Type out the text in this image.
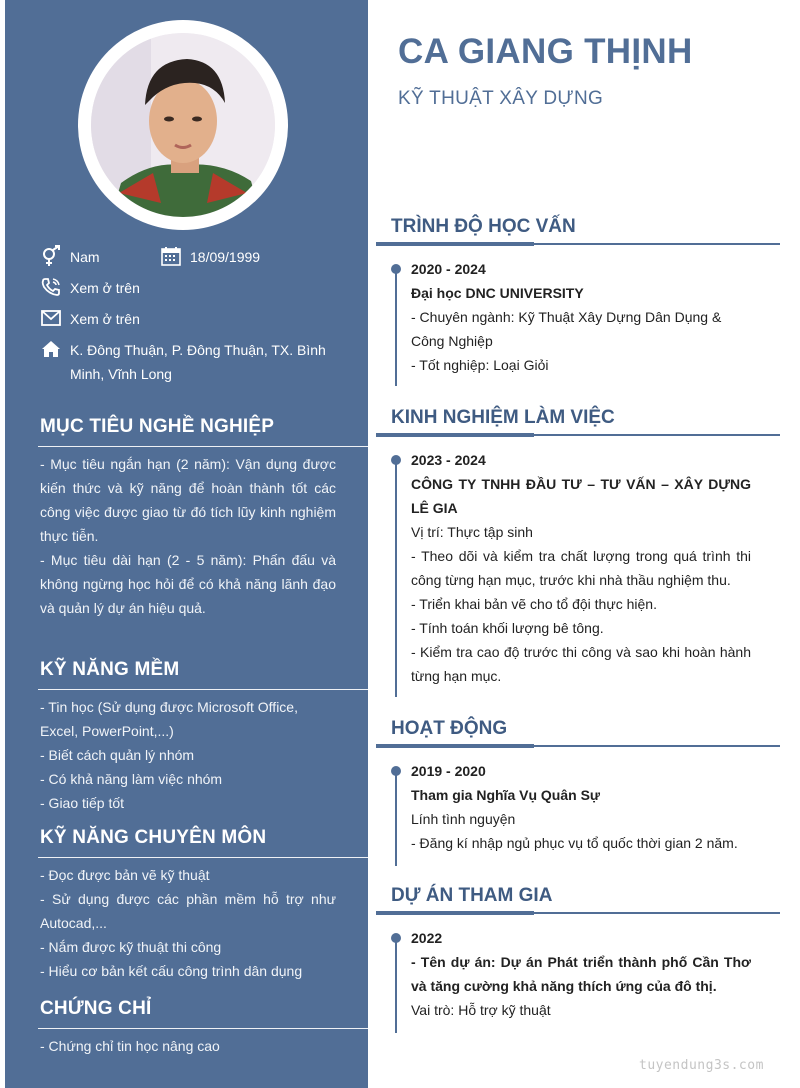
Nam	18/09/1999
Xem ở trên
Xem ở trên
K. Đông Thuận, P. Đông Thuận, TX. Bình Minh, Vĩnh Long
MỤC TIÊU NGHỀ NGHIỆP
- Mục tiêu ngắn hạn (2 năm): Vận dụng được kiến thức và kỹ năng để hoàn thành tốt các công việc được giao từ đó tích lũy kinh nghiệm thực tiễn.
- Mục tiêu dài hạn (2 - 5 năm): Phấn đấu và không ngừng học hỏi để có khả năng lãnh đạo và quản lý dự án hiệu quả.
KỸ NĂNG MỀM
- Tin học (Sử dụng được Microsoft Office, Excel, PowerPoint,...)
- Biết cách quản lý nhóm
- Có khả năng làm việc nhóm
- Giao tiếp tốt
KỸ NĂNG CHUYÊN MÔN
- Đọc được bản vẽ kỹ thuật
- Sử dụng được các phần mềm hỗ trợ như Autocad,...
- Nắm được kỹ thuật thi công
- Hiểu cơ bản kết cấu công trình dân dụng
CHỨNG CHỈ
- Chứng chỉ tin học nâng cao
CA GIANG THỊNH
KỸ THUẬT XÂY DỰNG
TRÌNH ĐỘ HỌC VẤN
2020 - 2024
Đại học DNC UNIVERSITY
- Chuyên ngành: Kỹ Thuật Xây Dựng Dân Dụng & Công Nghiệp
- Tốt nghiệp: Loại Giỏi
KINH NGHIỆM LÀM VIỆC
2023 - 2024
CÔNG TY TNHH ĐẦU TƯ – TƯ VẤN – XÂY DỰNG LÊ GIA
Vị trí: Thực tập sinh
- Theo dõi và kiểm tra chất lượng trong quá trình thi công từng hạn mục, trước khi nhà thầu nghiệm thu.
- Triển khai bản vẽ cho tổ đội thực hiện.
- Tính toán khối lượng bê tông.
- Kiểm tra cao độ trước thi công và sao khi hoàn hành từng hạn mục.
HOẠT ĐỘNG
2019 - 2020
Tham gia Nghĩa Vụ Quân Sự
Lính tình nguyện
- Đăng kí nhập ngủ phục vụ tổ quốc thời gian 2 năm.
DỰ ÁN THAM GIA
2022
- Tên dự án: Dự án Phát triển thành phố Cần Thơ và tăng cường khả năng thích ứng của đô thị.
Vai trò: Hỗ trợ kỹ thuật
tuyendung3s.com
